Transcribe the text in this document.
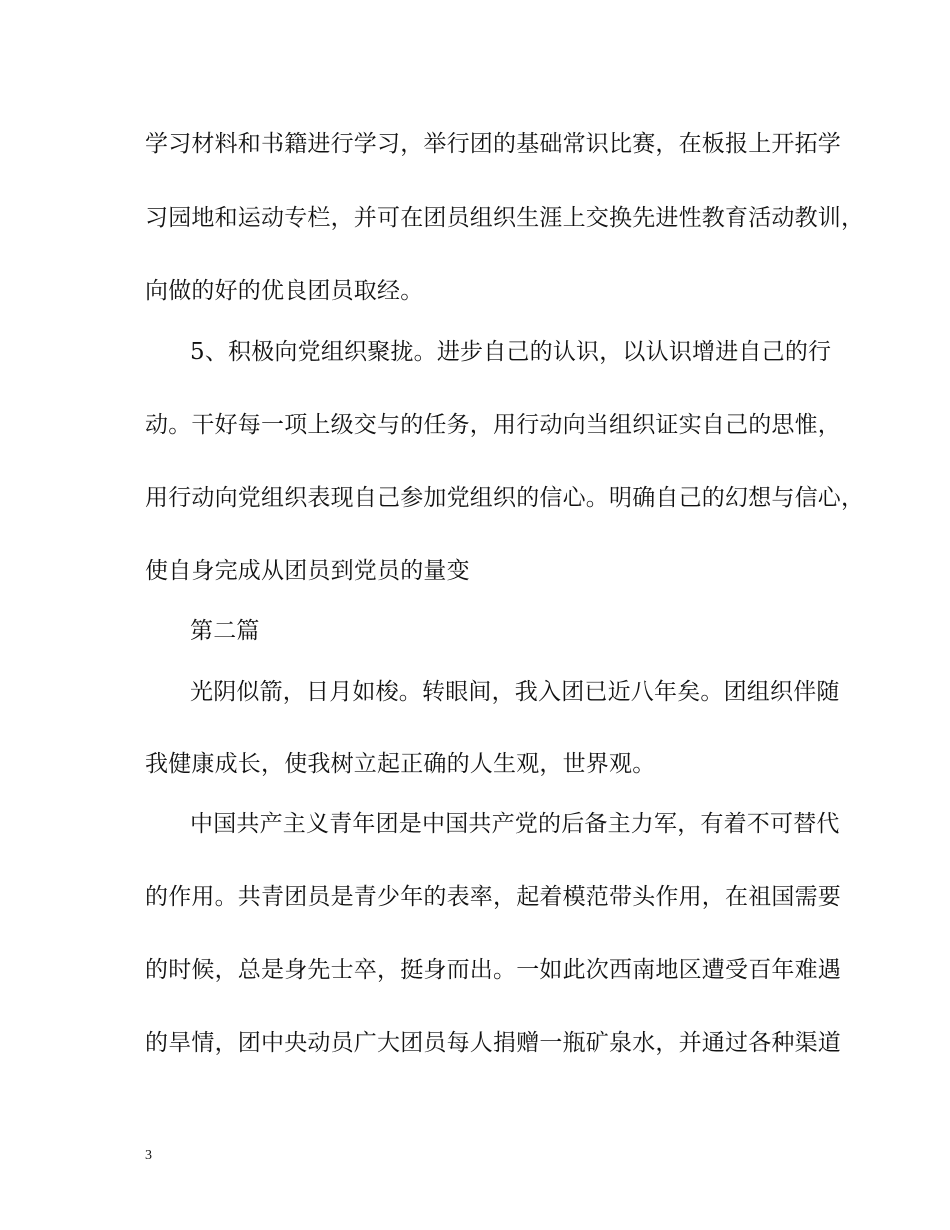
学习材料和书籍进行学习，举行团的基础常识比赛，在板报上开拓学
习园地和运动专栏，并可在团员组织生涯上交换先进性教育活动教训，
向做的好的优良团员取经。
5、积极向党组织聚拢。进步自己的认识，以认识增进自己的行
动。干好每一项上级交与的任务，用行动向当组织证实自己的思惟，
用行动向党组织表现自己参加党组织的信心。明确自己的幻想与信心，
使自身完成从团员到党员的量变
第二篇
光阴似箭，日月如梭。转眼间，我入团已近八年矣。团组织伴随
我健康成长，使我树立起正确的人生观，世界观。
中国共产主义青年团是中国共产党的后备主力军，有着不可替代
的作用。共青团员是青少年的表率，起着模范带头作用，在祖国需要
的时候，总是身先士卒，挺身而出。一如此次西南地区遭受百年难遇
的旱情，团中央动员广大团员每人捐赠一瓶矿泉水，并通过各种渠道
3
